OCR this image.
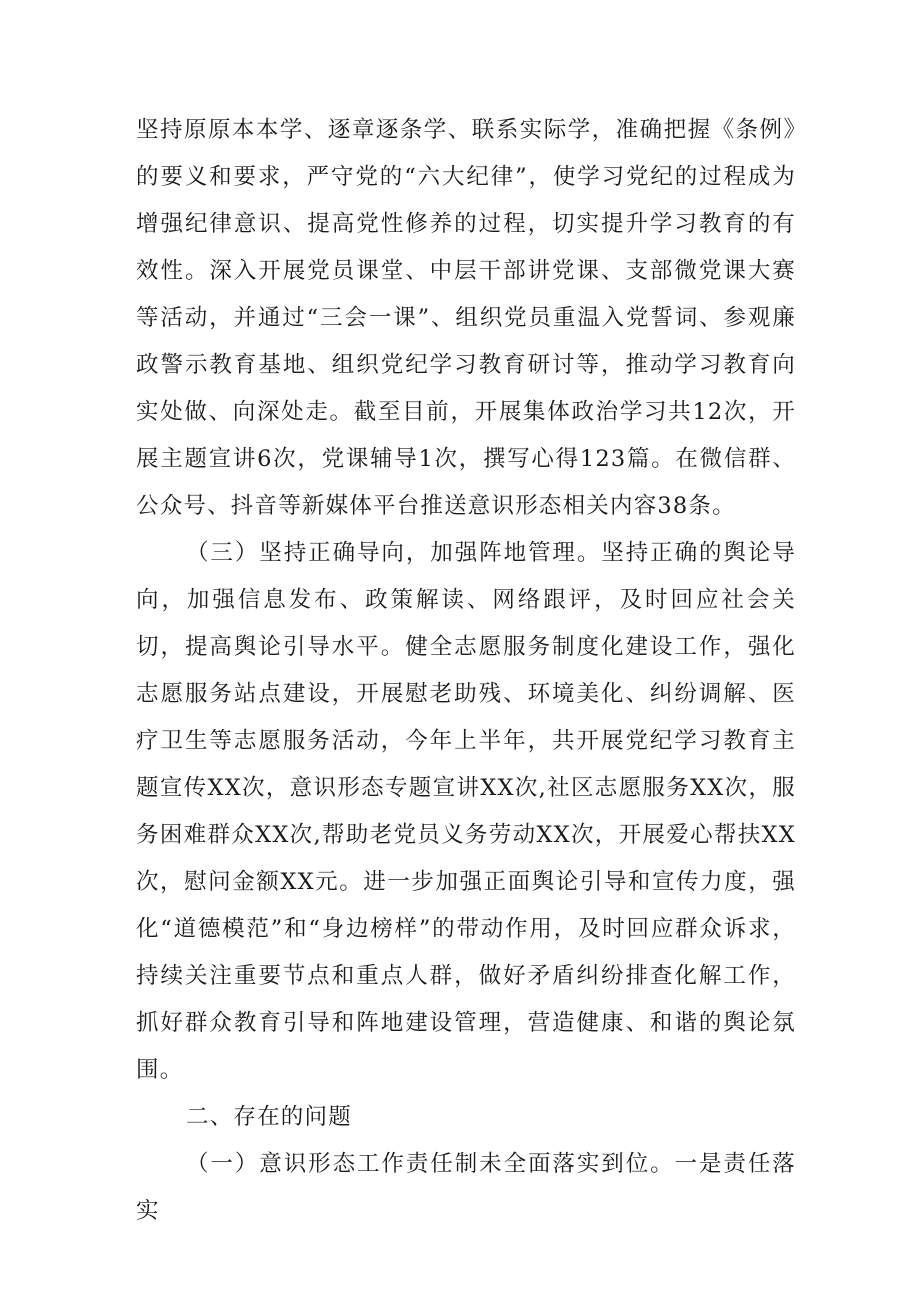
坚持原原本本学、逐章逐条学、联系实际学，准确把握《条例》的要义和要求，严守党的“六大纪律”，使学习党纪的过程成为增强纪律意识、提高党性修养的过程，切实提升学习教育的有效性。深入开展党员课堂、中层干部讲党课、支部微党课大赛等活动，并通过“三会一课”、组织党员重温入党誓词、参观廉政警示教育基地、组织党纪学习教育研讨等，推动学习教育向实处做、向深处走。截至目前，开展集体政治学习共12次，开展主题宣讲6次，党课辅导1次，撰写心得123篇。在微信群、公众号、抖音等新媒体平台推送意识形态相关内容38条。

（三）坚持正确导向，加强阵地管理。坚持正确的舆论导向，加强信息发布、政策解读、网络跟评，及时回应社会关切，提高舆论引导水平。健全志愿服务制度化建设工作，强化志愿服务站点建设，开展慰老助残、环境美化、纠纷调解、医疗卫生等志愿服务活动，今年上半年，共开展党纪学习教育主题宣传XX次，意识形态专题宣讲XX次,社区志愿服务XX次，服务困难群众XX次,帮助老党员义务劳动XX次，开展爱心帮扶XX次，慰问金额XX元。进一步加强正面舆论引导和宣传力度，强化“道德模范”和“身边榜样”的带动作用，及时回应群众诉求，持续关注重要节点和重点人群，做好矛盾纠纷排查化解工作，抓好群众教育引导和阵地建设管理，营造健康、和谐的舆论氛围。

二、存在的问题

（一）意识形态工作责任制未全面落实到位。一是责任落实
